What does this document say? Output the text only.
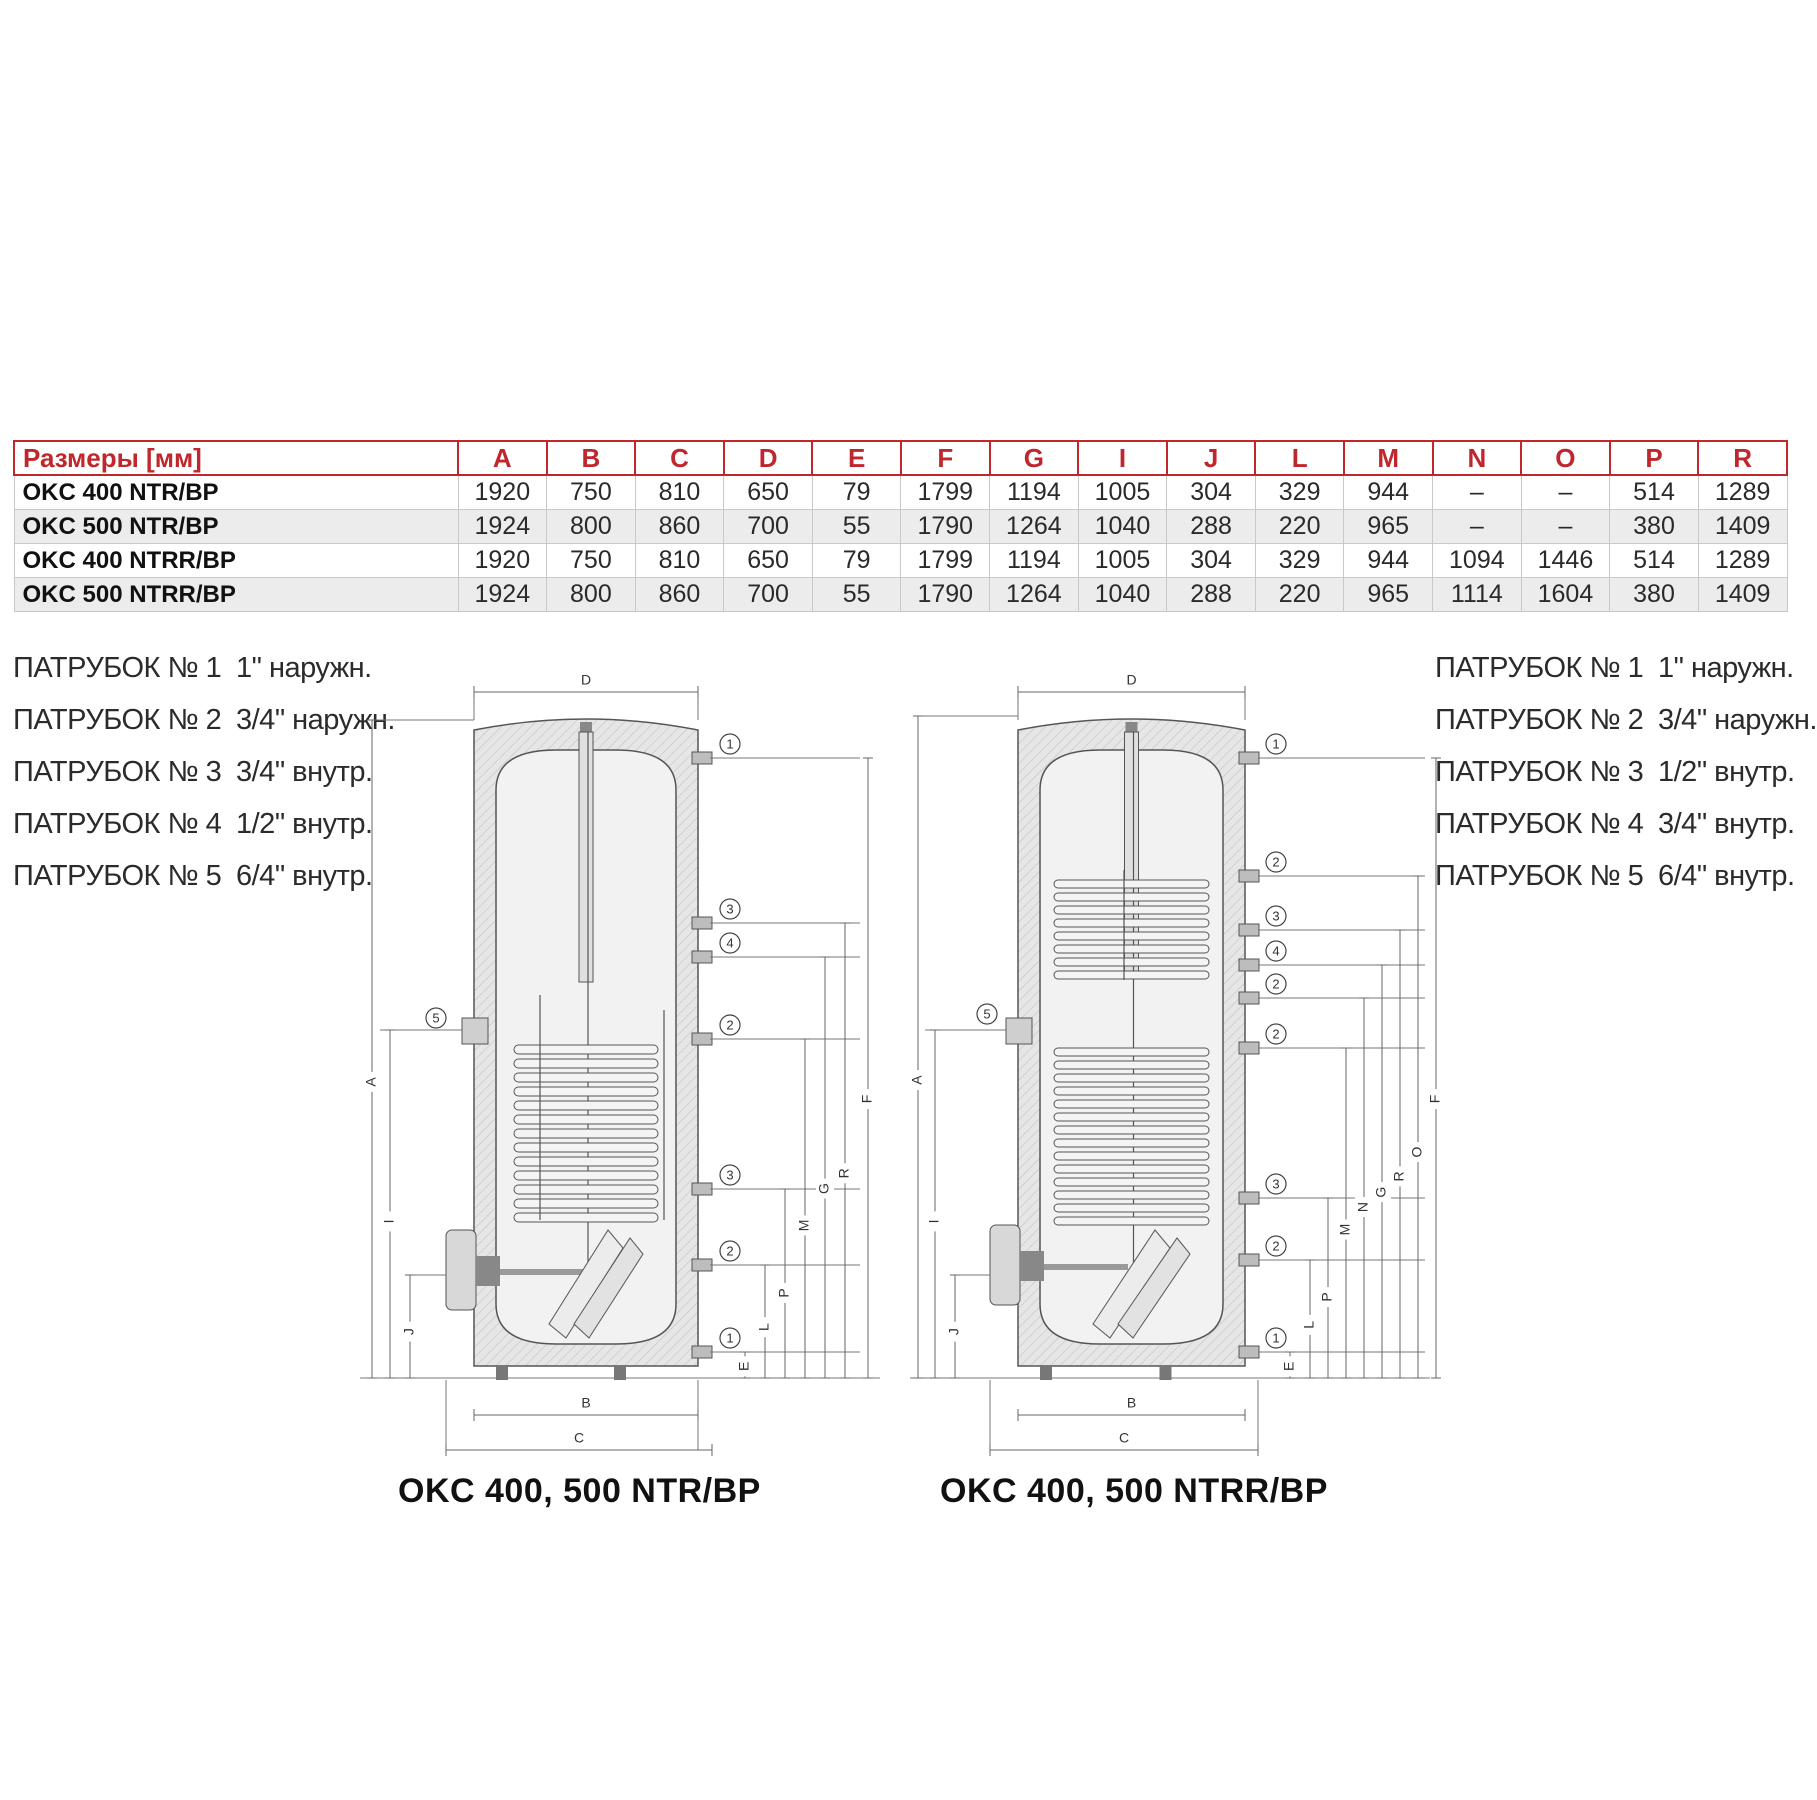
Размеры [мм]	A	B	C	D	E	F	G	I	J	L	M	N	O	P	R
OKC 400 NTR/BP	1920	750	810	650	79	1799	1194	1005	304	329	944	–	–	514	1289
OKC 500 NTR/BP	1924	800	860	700	55	1790	1264	1040	288	220	965	–	–	380	1409
OKC 400 NTRR/BP	1920	750	810	650	79	1799	1194	1005	304	329	944	1094	1446	514	1289
OKC 500 NTRR/BP	1924	800	860	700	55	1790	1264	1040	288	220	965	1114	1604	380	1409
ПАТРУБОК № 1 1" наружн.
ПАТРУБОК № 2 3/4" наружн.
ПАТРУБОК № 3 3/4" внутр.
ПАТРУБОК № 4 1/2" внутр.
ПАТРУБОК № 5 6/4" внутр.
ПАТРУБОК № 1 1" наружн.
ПАТРУБОК № 2 3/4" наружн.
ПАТРУБОК № 3 1/2" внутр.
ПАТРУБОК № 4 3/4" внутр.
ПАТРУБОК № 5 6/4" внутр.
1
3
4
2
3
2
1
5
D
B
C
A
I
J
E
L
P
M
G
R
F
1
2
3
4
2
2
3
2
1
5
D
B
C
A
I
J
E
L
P
M
N
G
R
O
F
OKC 400, 500 NTR/BP	OKC 400, 500 NTRR/BP
